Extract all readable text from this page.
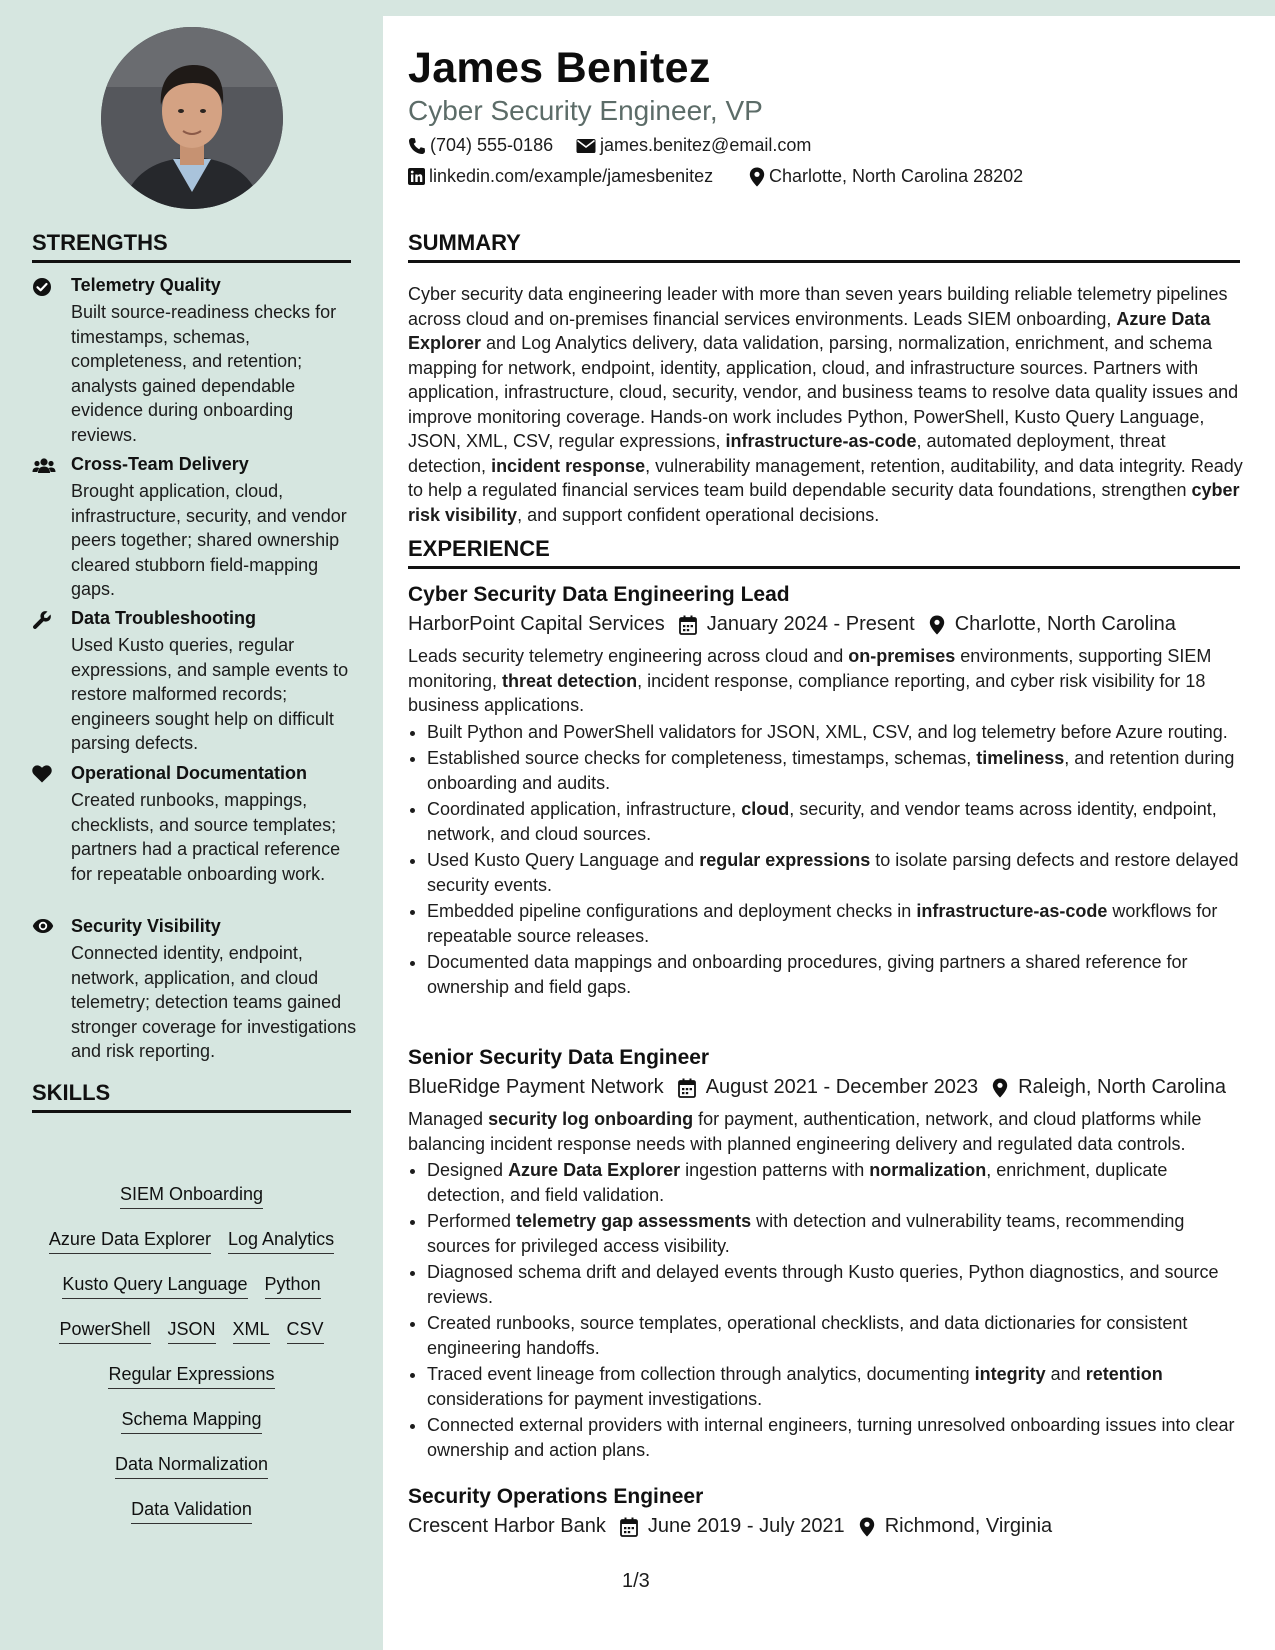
STRENGTHS
Telemetry Quality
Built source-readiness checks for timestamps, schemas, completeness, and retention; analysts gained dependable evidence during onboarding reviews.
Cross-Team Delivery
Brought application, cloud, infrastructure, security, and vendor peers together; shared ownership cleared stubborn field-mapping gaps.
Data Troubleshooting
Used Kusto queries, regular expressions, and sample events to restore malformed records; engineers sought help on difficult parsing defects.
Operational Documentation
Created runbooks, mappings, checklists, and source templates; partners had a practical reference for repeatable onboarding work.
Security Visibility
Connected identity, endpoint, network, application, and cloud telemetry; detection teams gained stronger coverage for investigations and risk reporting.
SKILLS
SIEM Onboarding
Azure Data Explorer Log Analytics
Kusto Query Language Python
PowerShell JSON XML CSV
Regular Expressions
Schema Mapping
Data Normalization
Data Validation
James Benitez
Cyber Security Engineer, VP
(704) 555-0186	james.benitez@email.com
linkedin.com/example/jamesbenitez	Charlotte, North Carolina 28202
SUMMARY
Cyber security data engineering leader with more than seven years building reliable telemetry pipelines across cloud and on-premises financial services environments. Leads SIEM onboarding, Azure Data Explorer and Log Analytics delivery, data validation, parsing, normalization, enrichment, and schema mapping for network, endpoint, identity, application, cloud, and infrastructure sources. Partners with application, infrastructure, cloud, security, vendor, and business teams to resolve data quality issues and improve monitoring coverage. Hands-on work includes Python, PowerShell, Kusto Query Language, JSON, XML, CSV, regular expressions, infrastructure-as-code, automated deployment, threat detection, incident response, vulnerability management, retention, auditability, and data integrity. Ready to help a regulated financial services team build dependable security data foundations, strengthen cyber risk visibility, and support confident operational decisions.
EXPERIENCE
Cyber Security Data Engineering Lead
HarborPoint Capital Services January 2024 - Present Charlotte, North Carolina
Leads security telemetry engineering across cloud and on-premises environments, supporting SIEM monitoring, threat detection, incident response, compliance reporting, and cyber risk visibility for 18 business applications.
• Built Python and PowerShell validators for JSON, XML, CSV, and log telemetry before Azure routing.
• Established source checks for completeness, timestamps, schemas, timeliness, and retention during onboarding and audits.
• Coordinated application, infrastructure, cloud, security, and vendor teams across identity, endpoint, network, and cloud sources.
• Used Kusto Query Language and regular expressions to isolate parsing defects and restore delayed security events.
• Embedded pipeline configurations and deployment checks in infrastructure-as-code workflows for repeatable source releases.
• Documented data mappings and onboarding procedures, giving partners a shared reference for ownership and field gaps.
Senior Security Data Engineer
BlueRidge Payment Network August 2021 - December 2023 Raleigh, North Carolina
Managed security log onboarding for payment, authentication, network, and cloud platforms while balancing incident response needs with planned engineering delivery and regulated data controls.
• Designed Azure Data Explorer ingestion patterns with normalization, enrichment, duplicate detection, and field validation.
• Performed telemetry gap assessments with detection and vulnerability teams, recommending sources for privileged access visibility.
• Diagnosed schema drift and delayed events through Kusto queries, Python diagnostics, and source reviews.
• Created runbooks, source templates, operational checklists, and data dictionaries for consistent engineering handoffs.
• Traced event lineage from collection through analytics, documenting integrity and retention considerations for payment investigations.
• Connected external providers with internal engineers, turning unresolved onboarding issues into clear ownership and action plans.
Security Operations Engineer
Crescent Harbor Bank June 2019 - July 2021 Richmond, Virginia
1/3
